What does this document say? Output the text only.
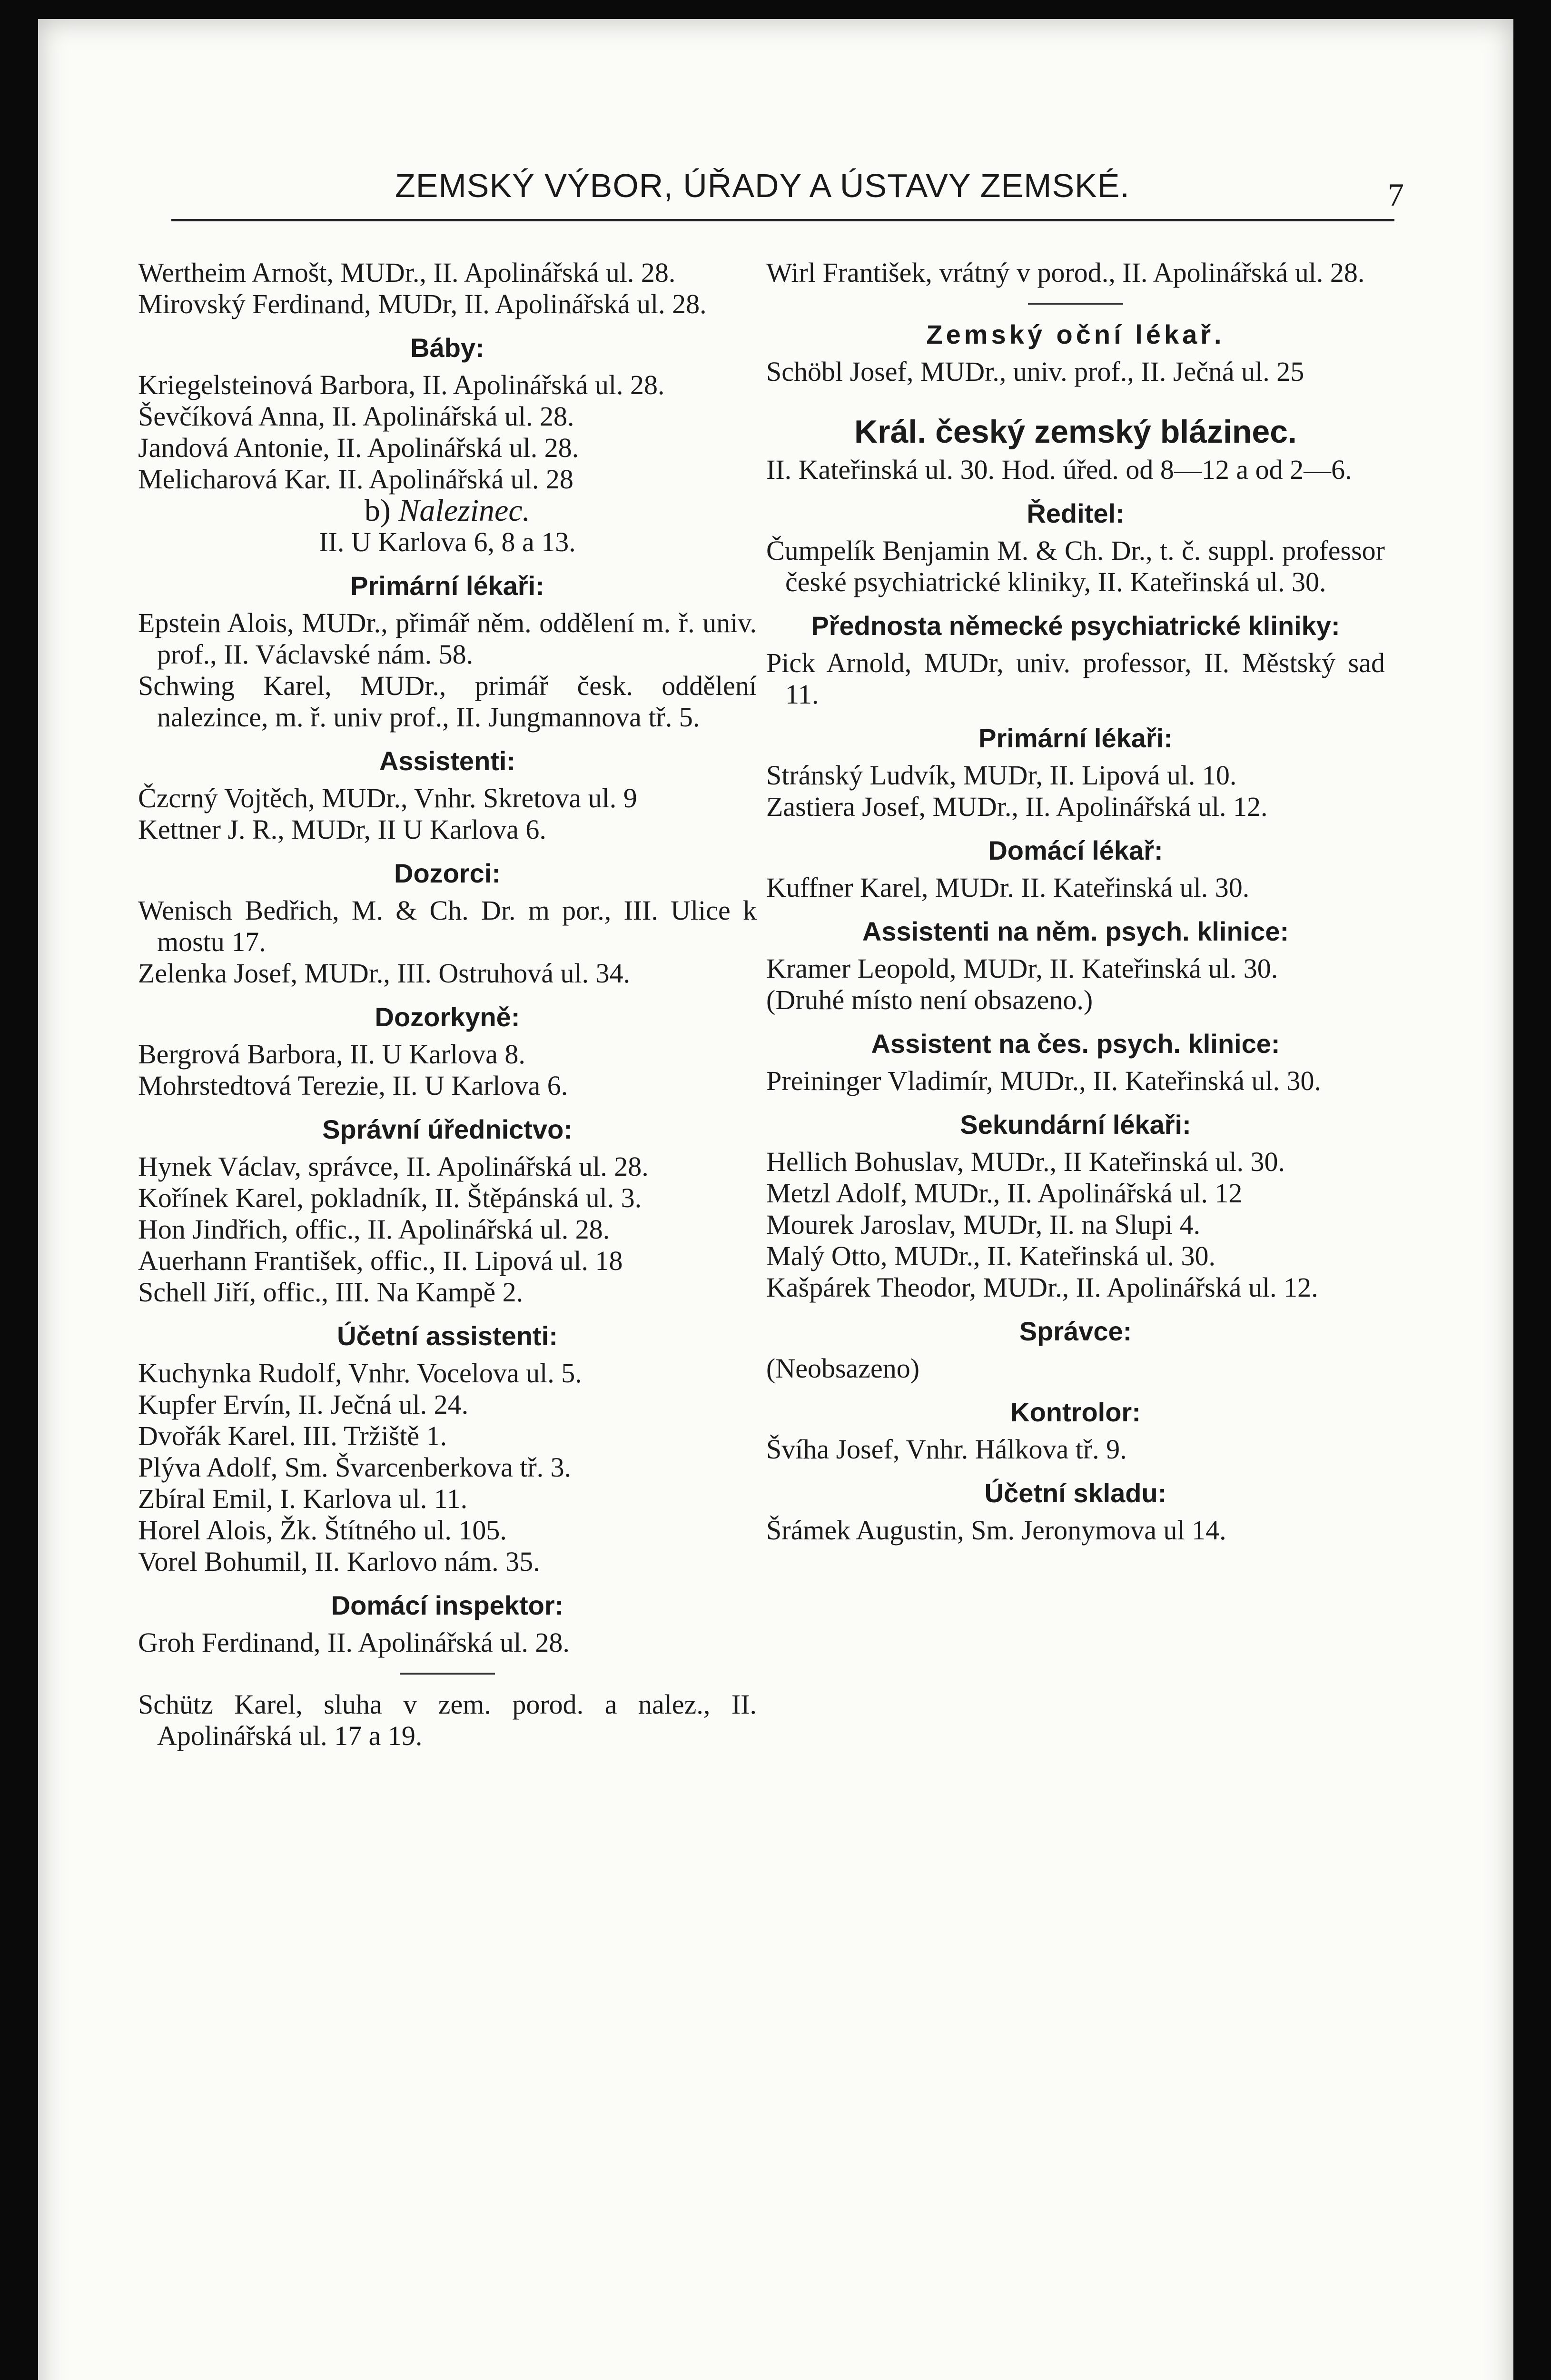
ZEMSKÝ VÝBOR, ÚŘADY A ÚSTAVY ZEMSKÉ.	7

Wertheim Arnošt, MUDr., II. Apolinářská ul. 28.

Mirovský Ferdinand, MUDr, II. Apolinářská ul. 28.

Báby:

Kriegelsteinová Barbora, II. Apolinářská ul. 28.

Ševčíková Anna, II. Apolinářská ul. 28.

Jandová Antonie, II. Apolinářská ul. 28.

Melicharová Kar. II. Apolinářská ul. 28

b) Nalezinec.

II. U Karlova 6, 8 a 13.

Primární lékaři:

Epstein Alois, MUDr., přimář něm. oddělení m. ř. univ. prof., II. Václavské nám. 58.

Schwing Karel, MUDr., primář česk. oddělení nalezince, m. ř. univ prof., II. Jungmannova tř. 5.

Assistenti:

Čzcrný Vojtěch, MUDr., Vnhr. Skretova ul. 9

Kettner J. R., MUDr, II U Karlova 6.

Dozorci:

Wenisch Bedřich, M. & Ch. Dr. m por., III. Ulice k mostu 17.

Zelenka Josef, MUDr., III. Ostruhová ul. 34.

Dozorkyně:

Bergrová Barbora, II. U Karlova 8.

Mohrstedtová Terezie, II. U Karlova 6.

Správní úřednictvo:

Hynek Václav, správce, II. Apolinářská ul. 28.

Kořínek Karel, pokladník, II. Štěpánská ul. 3.

Hon Jindřich, offic., II. Apolinářská ul. 28.

Auerhann František, offic., II. Lipová ul. 18

Schell Jiří, offic., III. Na Kampě 2.

Účetní assistenti:

Kuchynka Rudolf, Vnhr. Vocelova ul. 5.

Kupfer Ervín, II. Ječná ul. 24.

Dvořák Karel. III. Tržiště 1.

Plýva Adolf, Sm. Švarcenberkova tř. 3.

Zbíral Emil, I. Karlova ul. 11.

Horel Alois, Žk. Štítného ul. 105.

Vorel Bohumil, II. Karlovo nám. 35.

Domácí inspektor:

Groh Ferdinand, II. Apolinářská ul. 28.

Schütz Karel, sluha v zem. porod. a nalez., II. Apolinářská ul. 17 a 19.

Wirl František, vrátný v porod., II. Apolinářská ul. 28.

Zemský oční lékař.

Schöbl Josef, MUDr., univ. prof., II. Ječná ul. 25

Král. český zemský blázinec.

II. Kateřinská ul. 30. Hod. úřed. od 8—12 a od 2—6.

Ředitel:

Čumpelík Benjamin M. & Ch. Dr., t. č. suppl. professor české psychiatrické kliniky, II. Kateřinská ul. 30.

Přednosta německé psychiatrické kliniky:

Pick Arnold, MUDr, univ. professor, II. Městský sad 11.

Primární lékaři:

Stránský Ludvík, MUDr, II. Lipová ul. 10.

Zastiera Josef, MUDr., II. Apolinářská ul. 12.

Domácí lékař:

Kuffner Karel, MUDr. II. Kateřinská ul. 30.

Assistenti na něm. psych. klinice:

Kramer Leopold, MUDr, II. Kateřinská ul. 30.

(Druhé místo není obsazeno.)

Assistent na čes. psych. klinice:

Preininger Vladimír, MUDr., II. Kateřinská ul. 30.

Sekundární lékaři:

Hellich Bohuslav, MUDr., II Kateřinská ul. 30.

Metzl Adolf, MUDr., II. Apolinářská ul. 12

Mourek Jaroslav, MUDr, II. na Slupi 4.

Malý Otto, MUDr., II. Kateřinská ul. 30.

Kašpárek Theodor, MUDr., II. Apolinářská ul. 12.

Správce:

(Neobsazeno)

Kontrolor:

Švíha Josef, Vnhr. Hálkova tř. 9.

Účetní skladu:

Šrámek Augustin, Sm. Jeronymova ul 14.
